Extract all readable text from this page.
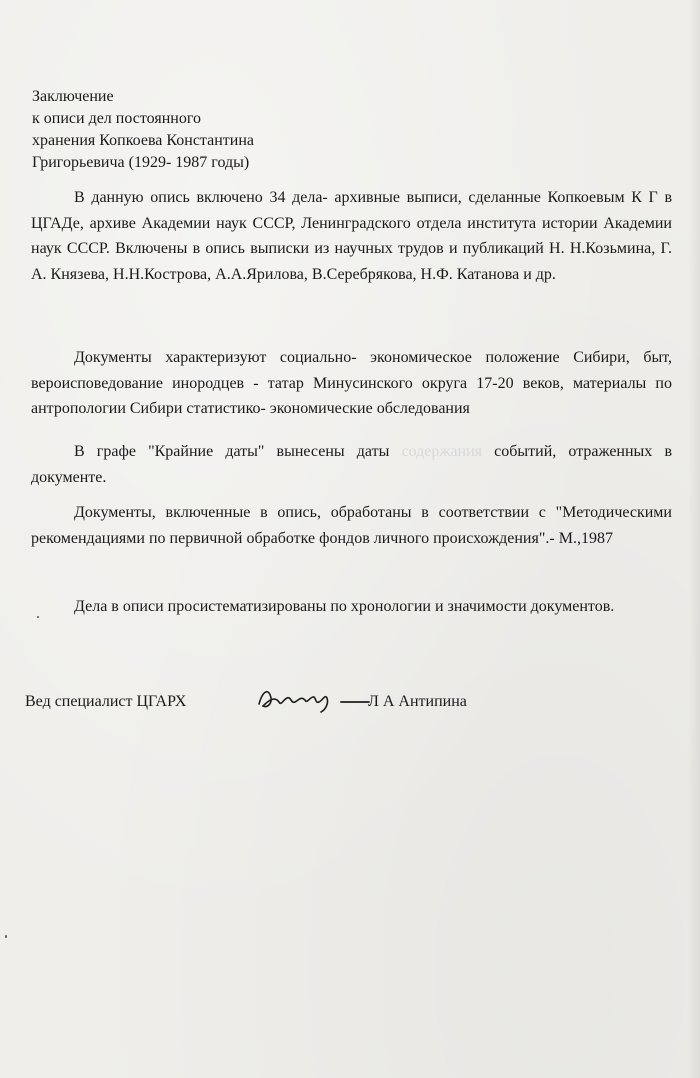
Заключение
к описи дел постоянного
хранения Копкоева Константина
Григорьевича (1929- 1987 годы)
В данную опись включено 34 дела- архивные выписи, сделанные Копкоевым К Г в ЦГАДе, архиве Академии наук СССР, Ленинградского отдела института истории Академии наук СССР. Включены в опись выписки из научных трудов и публикаций Н. Н.Козьмина, Г. А. Князева, Н.Н.Кострова, А.А.Ярилова, В.Серебрякова, Н.Ф. Катанова и др.
Документы характеризуют социально- экономическое положение Сибири, быт, вероисповедование инородцев - татар Минусинского округа 17-20 веков, материалы по антропологии Сибири статистико- экономические обследования
В графе "Крайние даты" вынесены даты содержания событий, отраженных в документе.
Документы, включенные в опись, обработаны в соответствии с "Методическими рекомендациями по первичной обработке фондов личного происхождения".- М.,1987
Дела в описи просистематизированы по хронологии и значимости документов.
Вед специалист ЦГАРХ	Л А Антипина
